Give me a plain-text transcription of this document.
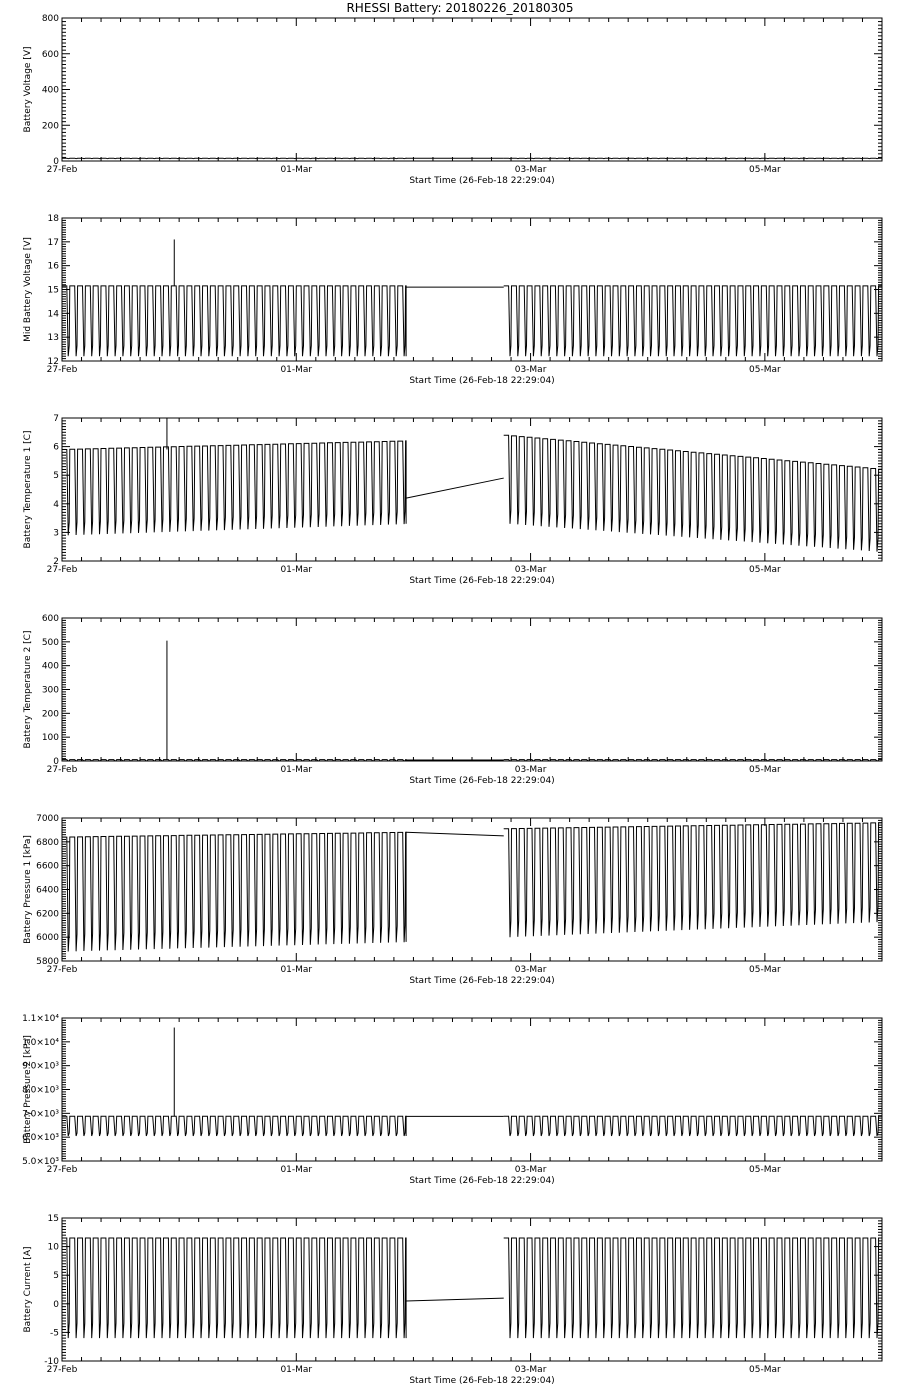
RHESSI Battery: 20180226_20180305
0
200
400
600
800
27-Feb	01-Mar	03-Mar	05-Mar
Start Time (26-Feb-18 22:29:04)
Battery Voltage [V]
12
13
14
15
16
17
18
27-Feb	01-Mar	03-Mar	05-Mar
Start Time (26-Feb-18 22:29:04)
Mid Battery Voltage [V]
2
3
4
5
6
7
27-Feb	01-Mar	03-Mar	05-Mar
Start Time (26-Feb-18 22:29:04)
Battery Temperature 1 [C]
0
100
200
300
400
500
600
27-Feb	01-Mar	03-Mar	05-Mar
Start Time (26-Feb-18 22:29:04)
Battery Temperature 2 [C]
5800
6000
6200
6400
6600
6800
7000
27-Feb	01-Mar	03-Mar	05-Mar
Start Time (26-Feb-18 22:29:04)
Battery Pressure 1 [kPa]
5.0×10³
6.0×10³
7.0×10³
8.0×10³
9.0×10³
1.0×10⁴
1.1×10⁴
27-Feb	01-Mar	03-Mar	05-Mar
Start Time (26-Feb-18 22:29:04)
Battery Pressure 2 [kPa]
-10
-5
0
5
10
15
27-Feb	01-Mar	03-Mar	05-Mar
Start Time (26-Feb-18 22:29:04)
Battery Current [A]
